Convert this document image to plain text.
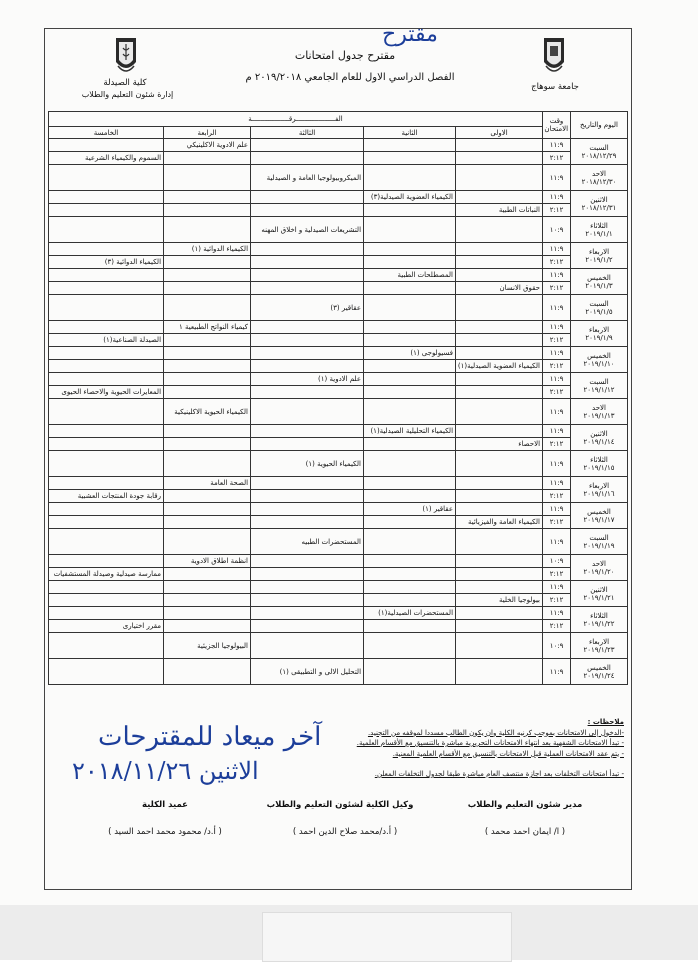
جامعة سوهاج
كلية الصيدلة
إدارة شئون التعليم والطلاب
مقترح جدول امتحانات
الفصل الدراسي الاول للعام الجامعي ٢٠١٩/٢٠١٨ م
مقترح
اليوم والتاريخ	وقت الامتحان	الفـــــــــــــــــــرقــــــــــــــــــة				
		الاولى	الثانية	الثالثة	الرابعة	الخامسة

السبت
٢٠١٨/١٢/٢٩	١١:٩				علم الادوية الاكلينيكي	
	٢:١٢					السموم والكيمياء الشرعية

الاحد
٢٠١٨/١٢/٣٠	١١:٩			الميكروبيولوجيا العامة و الصيدلية		

الاثنين
٢٠١٨/١٢/٣١	١١:٩		الكيمياء العضوية الصيدلية(٣)			
	٢:١٢	النباتات الطبية				

الثلاثاء
٢٠١٩/١/١	١٠:٩			التشريعات الصيدلية و اخلاق المهنه		

الاربعاء
٢٠١٩/١/٢	١١:٩				الكيمياء الدوائية (١)	
	٢:١٢					الكيمياء الدوائية (٣)

الخميس
٢٠١٩/١/٣	١١:٩		المصطلحات الطبية			
	٢:١٢	حقوق الانسان				

السبت
٢٠١٩/١/٥	١١:٩			عقاقير (٣)		

الاربعاء
٢٠١٩/١/٩	١١:٩				كيمياء النواتج الطبيعية ١	
	٢:١٢					الصيدلة الصناعية(١)

الخميس
٢٠١٩/١/١٠	١١:٩		فسيولوجى (١)			
	٢:١٢	الكيمياء العضوية الصيدلية(١)				

السبت
٢٠١٩/١/١٢	١١:٩			علم الادوية (١)		
	٢:١٢					المعايرات الحيوية والاحصاء الحيوى

الاحد
٢٠١٩/١/١٣	١١:٩				الكيمياء الحيوية الاكلينيكية	

الاثنين
٢٠١٩/١/١٤	١١:٩		الكيمياء التحليلية الصيدلية(١)			
	٢:١٢	الاحصاء				

الثلاثاء
٢٠١٩/١/١٥	١١:٩			الكيمياء الحيوية (١)		

الاربعاء
٢٠١٩/١/١٦	١١:٩				الصحة العامة	
	٢:١٢					رقابة جودة المنتجات العشبية

الخميس
٢٠١٩/١/١٧	١١:٩		عقاقير (١)			
	٢:١٢	الكيمياء العامة والفيزيائية				

السبت
٢٠١٩/١/١٩	١١:٩			المستحضرات الطبيه		

الاحد
٢٠١٩/١/٢٠	١٠:٩				انظمة اطلاق الادوية	
	٢:١٢					ممارسة صيدلية وصيدلة المستشفيات

الاثنين
٢٠١٩/١/٢١	١١:٩					
	٢:١٢	بيولوجيا الخلية				

الثلاثاء
٢٠١٩/١/٢٢	١١:٩		المستحضرات الصيدلية(١)			
	٢:١٢					مقرر اختيارى

الاربعاء
٢٠١٩/١/٢٣	١٠:٩				البيولوجيا الجزيئية	

الخميس
٢٠١٩/١/٢٤	١١:٩			التحليل الالى و التطبيقى (١)		
ملاحظات :
-الدخول إلى الامتحانات بموجب كرنيه الكلية وان يكون الطالب مسددا لموقفه من التجنيد.
- تبدأ الامتحانات الشفهية بعد انتهاء الامتحانات التحريرية مباشرة بالتنسيق مع الأقسام العلمية.
- يتم عقد الامتحانات العملية قبل الامتحانات بالتنسيق مع الأقسام العلمية المعنية.
- تبدأ امتحانات التخلفات بعد اجازة منتصف العام مباشرة طبقا لجدول التخلفات المعلن.
آخر ميعاد للمقترحات
الاثنين ٢٠١٨/١١/٢٦
مدير شئون التعليم والطلاب
( ا/ ايمان احمد محمد )
وكيل الكلية لشئون التعليم والطلاب
( أ.د/محمد صلاح الدين احمد )
عميد الكلية
( أ.د/ محمود محمد احمد السيد )
